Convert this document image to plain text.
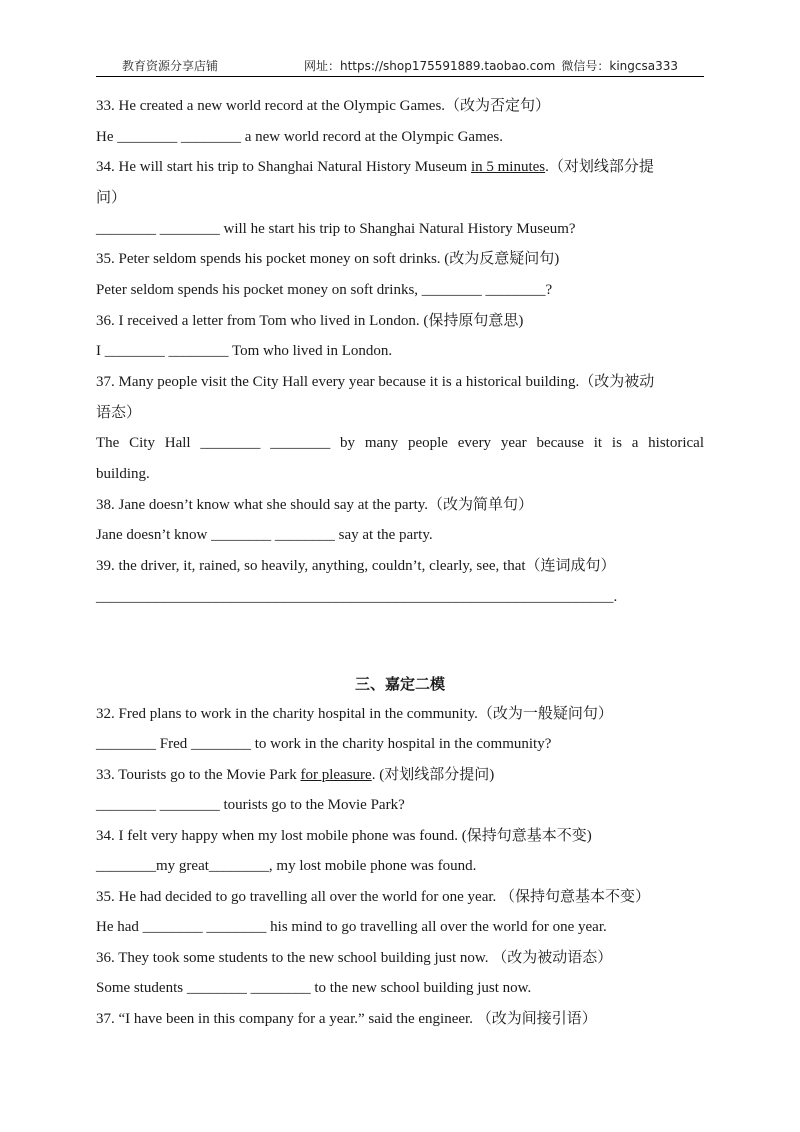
教育资源分享店铺	网址：https://shop175591889.taobao.com 微信号：kingcsa333
33. He created a new world record at the Olympic Games.（改为否定句）
He ________ ________ a new world record at the Olympic Games.
34. He will start his trip to Shanghai Natural History Museum in 5 minutes.（对划线部分提
问）
________ ________ will he start his trip to Shanghai Natural History Museum?
35. Peter seldom spends his pocket money on soft drinks. (改为反意疑问句)
Peter seldom spends his pocket money on soft drinks, ________ ________?
36. I received a letter from Tom who lived in London. (保持原句意思)
I ________ ________ Tom who lived in London.
37. Many people visit the City Hall every year because it is a historical building.（改为被动
语态）
The City Hall ________ ________ by many people every year because it is a historical
building.
38. Jane doesn’t know what she should say at the party.（改为简单句）
Jane doesn’t know ________ ________ say at the party.
39. the driver, it, rained, so heavily, anything, couldn’t, clearly, see, that（连词成句）
_____________________________________________________________________.
三、嘉定二模
32. Fred plans to work in the charity hospital in the community.（改为一般疑问句）
________ Fred ________ to work in the charity hospital in the community?
33. Tourists go to the Movie Park for pleasure. (对划线部分提问)
________ ________ tourists go to the Movie Park?
34. I felt very happy when my lost mobile phone was found. (保持句意基本不变)
________my great________, my lost mobile phone was found.
35. He had decided to go travelling all over the world for one year. （保持句意基本不变）
He had ________ ________ his mind to go travelling all over the world for one year.
36. They took some students to the new school building just now. （改为被动语态）
Some students ________ ________ to the new school building just now.
37. “I have been in this company for a year.” said the engineer. （改为间接引语）
